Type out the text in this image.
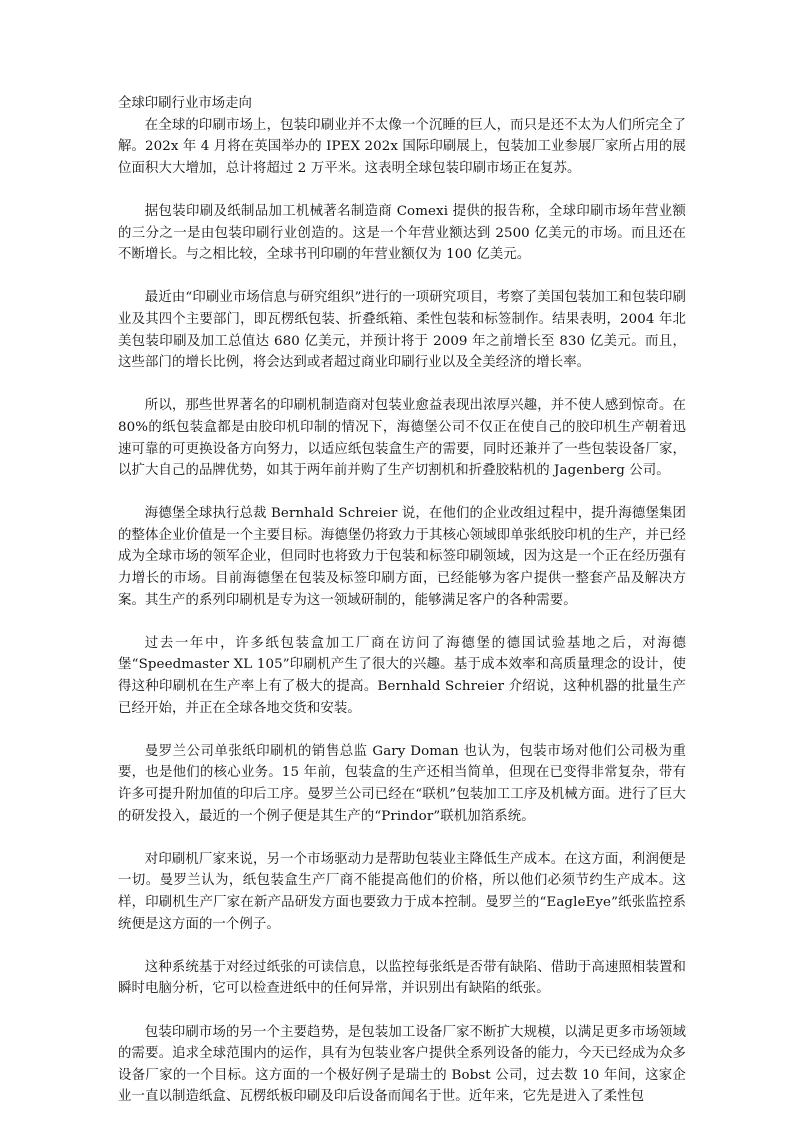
全球印刷行业市场走向

在全球的印刷市场上，包装印刷业并不太像一个沉睡的巨人，而只是还不太为人们所完全了解。202x 年 4 月将在英国举办的 IPEX 202x 国际印刷展上，包装加工业参展厂家所占用的展位面积大大增加，总计将超过 2 万平米。这表明全球包装印刷市场正在复苏。

据包装印刷及纸制品加工机械著名制造商 Comexi 提供的报告称，全球印刷市场年营业额的三分之一是由包装印刷行业创造的。这是一个年营业额达到 2500 亿美元的市场。而且还在不断增长。与之相比较，全球书刊印刷的年营业额仅为 100 亿美元。

最近由“印刷业市场信息与研究组织”进行的一项研究项目，考察了美国包装加工和包装印刷业及其四个主要部门，即瓦楞纸包装、折叠纸箱、柔性包装和标签制作。结果表明，2004 年北美包装印刷及加工总值达 680 亿美元，并预计将于 2009 年之前增长至 830 亿美元。而且，这些部门的增长比例，将会达到或者超过商业印刷行业以及全美经济的增长率。

所以，那些世界著名的印刷机制造商对包装业愈益表现出浓厚兴趣，并不使人感到惊奇。在 80%的纸包装盒都是由胶印机印制的情况下，海德堡公司不仅正在使自己的胶印机生产朝着迅速可靠的可更换设备方向努力，以适应纸包装盒生产的需要，同时还兼并了一些包装设备厂家，以扩大自己的品牌优势，如其于两年前并购了生产切割机和折叠胶粘机的 Jagenberg 公司。

海德堡全球执行总裁 Bernhald Schreier 说，在他们的企业改组过程中，提升海德堡集团的整体企业价值是一个主要目标。海德堡仍将致力于其核心领域即单张纸胶印机的生产，并已经成为全球市场的领军企业，但同时也将致力于包装和标签印刷领域，因为这是一个正在经历强有力增长的市场。目前海德堡在包装及标签印刷方面，已经能够为客户提供一整套产品及解决方案。其生产的系列印刷机是专为这一领域研制的，能够满足客户的各种需要。

过去一年中，许多纸包装盒加工厂商在访问了海德堡的德国试验基地之后，对海德堡“Speedmaster XL 105”印刷机产生了很大的兴趣。基于成本效率和高质量理念的设计，使得这种印刷机在生产率上有了极大的提高。Bernhald Schreier 介绍说，这种机器的批量生产已经开始，并正在全球各地交货和安装。

曼罗兰公司单张纸印刷机的销售总监 Gary Doman 也认为，包装市场对他们公司极为重要，也是他们的核心业务。15 年前，包装盒的生产还相当简单，但现在已变得非常复杂，带有许多可提升附加值的印后工序。曼罗兰公司已经在“联机”包装加工工序及机械方面。进行了巨大的研发投入，最近的一个例子便是其生产的“Prindor”联机加箔系统。

对印刷机厂家来说，另一个市场驱动力是帮助包装业主降低生产成本。在这方面，利润便是一切。曼罗兰认为，纸包装盒生产厂商不能提高他们的价格，所以他们必须节约生产成本。这样，印刷机生产厂家在新产品研发方面也要致力于成本控制。曼罗兰的“EagleEye”纸张监控系统便是这方面的一个例子。

这种系统基于对经过纸张的可读信息，以监控每张纸是否带有缺陷、借助于高速照相装置和瞬时电脑分析，它可以检查进纸中的任何异常，并识别出有缺陷的纸张。

包装印刷市场的另一个主要趋势，是包装加工设备厂家不断扩大规模，以满足更多市场领域的需要。追求全球范围内的运作，具有为包装业客户提供全系列设备的能力，今天已经成为众多设备厂家的一个目标。这方面的一个极好例子是瑞士的 Bobst 公司，过去数 10 年间，这家企业一直以制造纸盒、瓦楞纸板印刷及印后设备而闻名于世。近年来，它先是进入了柔性包
